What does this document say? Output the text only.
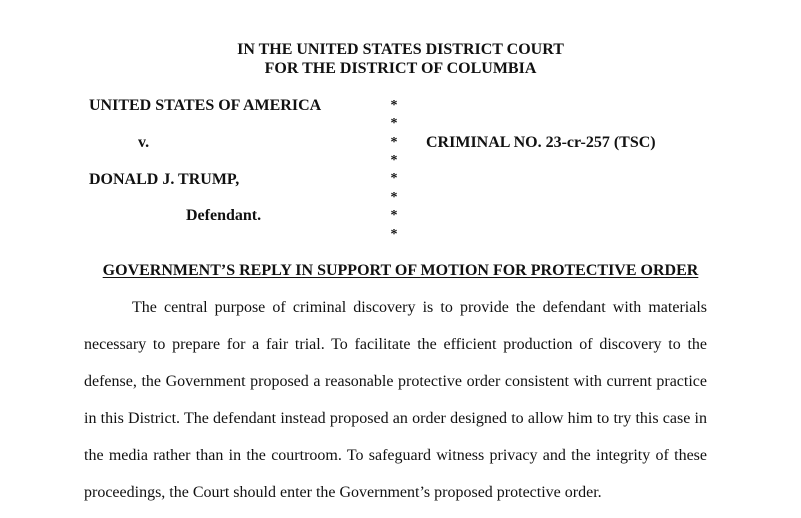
IN THE UNITED STATES DISTRICT COURT
FOR THE DISTRICT OF COLUMBIA
UNITED STATES OF AMERICA
v.
DONALD J. TRUMP,
Defendant.
CRIMINAL NO. 23-cr-257 (TSC)
*
*
*
*
*
*
*
*
GOVERNMENT’S REPLY IN SUPPORT OF MOTION FOR PROTECTIVE ORDER
The central purpose of criminal discovery is to provide the defendant with materials
necessary to prepare for a fair trial. To facilitate the efficient production of discovery to the
defense, the Government proposed a reasonable protective order consistent with current practice
in this District. The defendant instead proposed an order designed to allow him to try this case in
the media rather than in the courtroom. To safeguard witness privacy and the integrity of these
proceedings, the Court should enter the Government’s proposed protective order.
